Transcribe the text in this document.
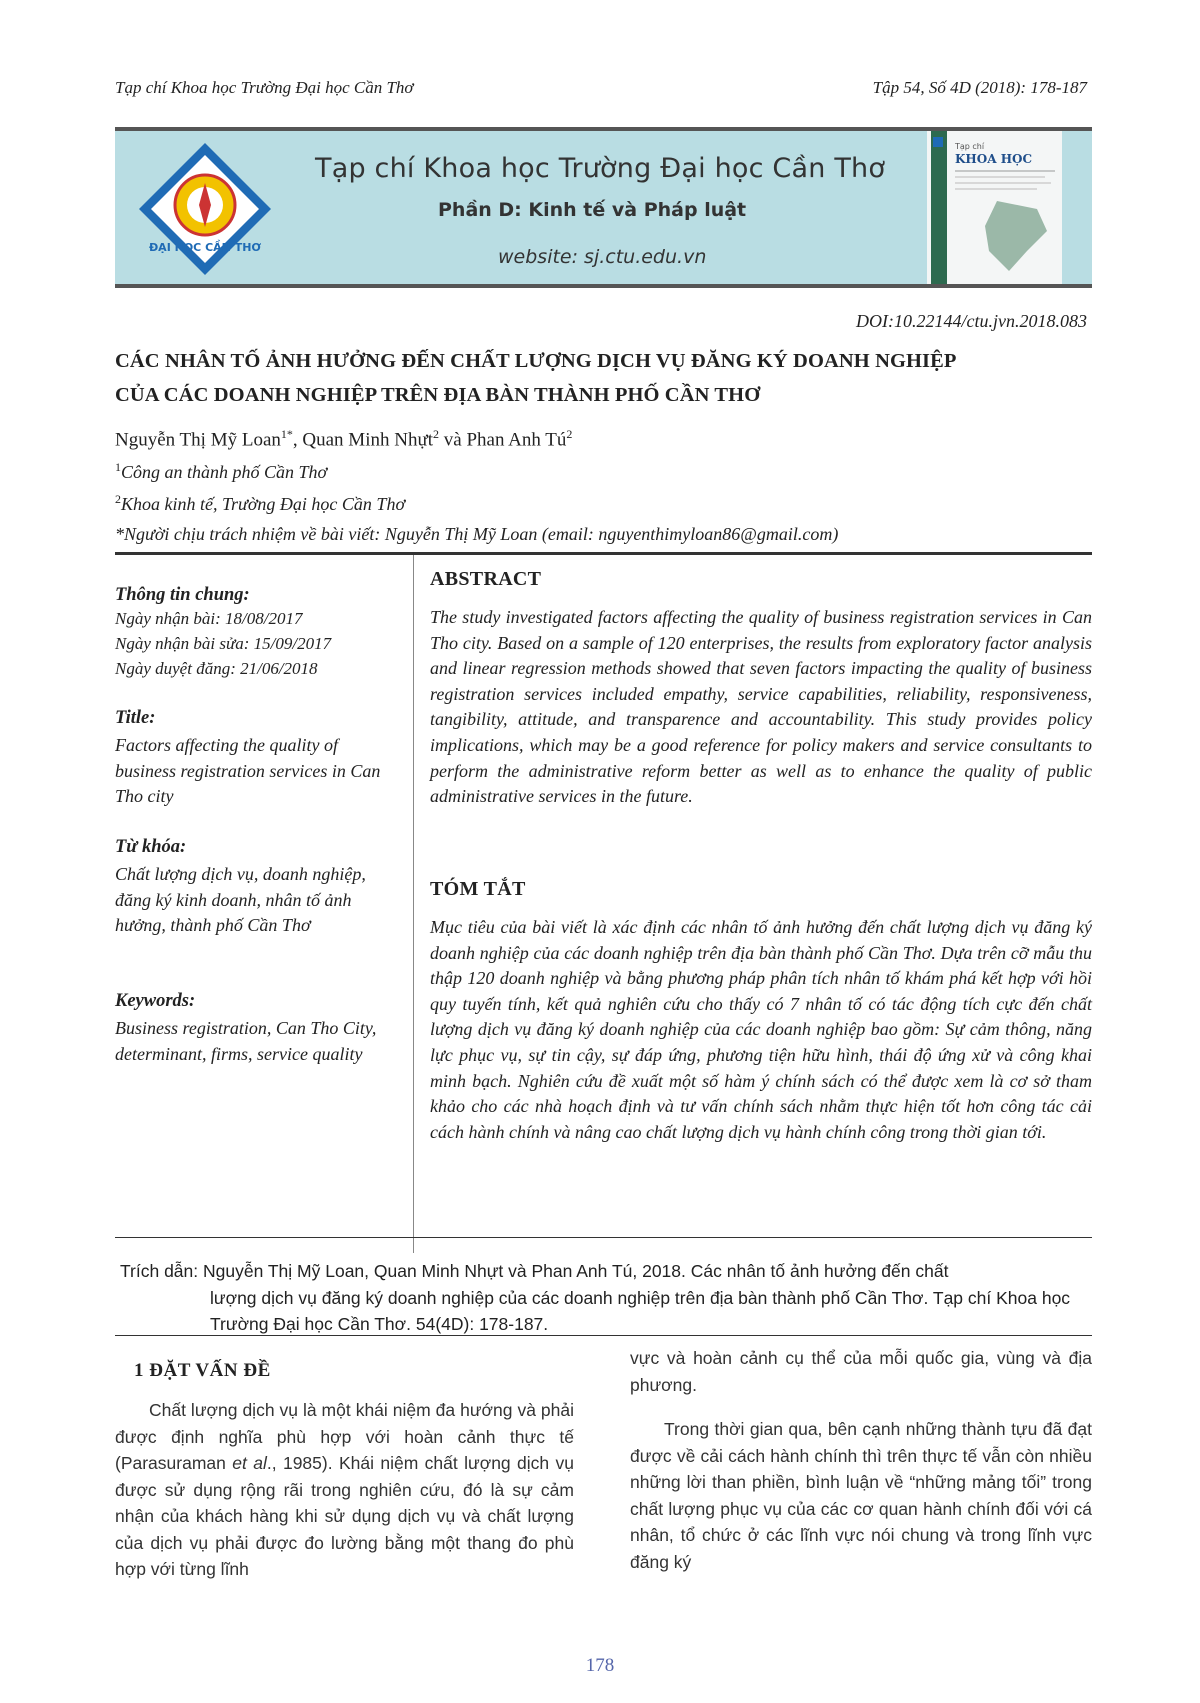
Tạp chí Khoa học Trường Đại học Cần Thơ	Tập 54, Số 4D (2018): 178-187
ĐẠI HỌC CẦN THƠ
Tạp chí Khoa học Trường Đại học Cần Thơ
Phần D: Kinh tế và Pháp luật
website: sj.ctu.edu.vn
Tạp chí
KHOA HỌC
DOI:10.22144/ctu.jvn.2018.083
CÁC NHÂN TỐ ẢNH HƯỞNG ĐẾN CHẤT LƯỢNG DỊCH VỤ ĐĂNG KÝ DOANH NGHIỆP
CỦA CÁC DOANH NGHIỆP TRÊN ĐỊA BÀN THÀNH PHỐ CẦN THƠ
Nguyễn Thị Mỹ Loan$^{1*}$, Quan Minh Nhựt$^2$ và Phan Anh $Tú^2$
$^1$Công an thành phố Cần Thơ
$^2$Khoa kinh tế, Trường Đại học Cần Thơ
*Người chịu trách nhiệm về bài viết: Nguyễn Thị Mỹ Loan (email: nguyenthimyloan86@gmail.com)
Thông tin chung:
Ngày nhận bài: 18/08/2017
Ngày nhận bài sửa: 15/09/2017
Ngày duyệt đăng: 21/06/2018
Title:
Factors affecting the quality of business registration services in Can Tho city
Từ khóa:
Chất lượng dịch vụ, doanh nghiệp, đăng ký kinh doanh, nhân tố ảnh hưởng, thành phố Cần Thơ
Keywords:
Business registration, Can Tho City, determinant, firms, service quality
ABSTRACT
The study investigated factors affecting the quality of business registration services in Can Tho city. Based on a sample of 120 enterprises, the results from exploratory factor analysis and linear regression methods showed that seven factors impacting the quality of business registration services included empathy, service capabilities, reliability, responsiveness, tangibility, attitude, and transparence and accountability. This study provides policy implications, which may be a good reference for policy makers and service consultants to perform the administrative reform better as well as to enhance the quality of public administrative services in the future.
TÓM TẮT
Mục tiêu của bài viết là xác định các nhân tố ảnh hưởng đến chất lượng dịch vụ đăng ký doanh nghiệp của các doanh nghiệp trên địa bàn thành phố Cần Thơ. Dựa trên cỡ mẫu thu thập 120 doanh nghiệp và bằng phương pháp phân tích nhân tố khám phá kết hợp với hồi quy tuyến tính, kết quả nghiên cứu cho thấy có 7 nhân tố có tác động tích cực đến chất lượng dịch vụ đăng ký doanh nghiệp của các doanh nghiệp bao gồm: Sự cảm thông, năng lực phục vụ, sự tin cậy, sự đáp ứng, phương tiện hữu hình, thái độ ứng xử và công khai minh bạch. Nghiên cứu đề xuất một số hàm ý chính sách có thể được xem là cơ sở tham khảo cho các nhà hoạch định và tư vấn chính sách nhằm thực hiện tốt hơn công tác cải cách hành chính và nâng cao chất lượng dịch vụ hành chính công trong thời gian tới.
Trích dẫn: Nguyễn Thị Mỹ Loan, Quan Minh Nhựt và Phan Anh Tú, 2018. Các nhân tố ảnh hưởng đến chất
lượng dịch vụ đăng ký doanh nghiệp của các doanh nghiệp trên địa bàn thành phố Cần Thơ. Tạp chí Khoa học Trường Đại học Cần Thơ. 54(4D): 178-187.
1 ĐẶT VẤN ĐỀ

Chất lượng dịch vụ là một khái niệm đa hướng và phải được định nghĩa phù hợp với hoàn cảnh thực tế (Parasuraman et al., 1985). Khái niệm chất lượng dịch vụ được sử dụng rộng rãi trong nghiên cứu, đó là sự cảm nhận của khách hàng khi sử dụng dịch vụ và chất lượng của dịch vụ phải được đo lường bằng một thang đo phù hợp với từng lĩnh

vực và hoàn cảnh cụ thể của mỗi quốc gia, vùng và địa phương.

Trong thời gian qua, bên cạnh những thành tựu đã đạt được về cải cách hành chính thì trên thực tế vẫn còn nhiều những lời than phiền, bình luận về “những mảng tối” trong chất lượng phục vụ của các cơ quan hành chính đối với cá nhân, tổ chức ở các lĩnh vực nói chung và trong lĩnh vực đăng ký

178
